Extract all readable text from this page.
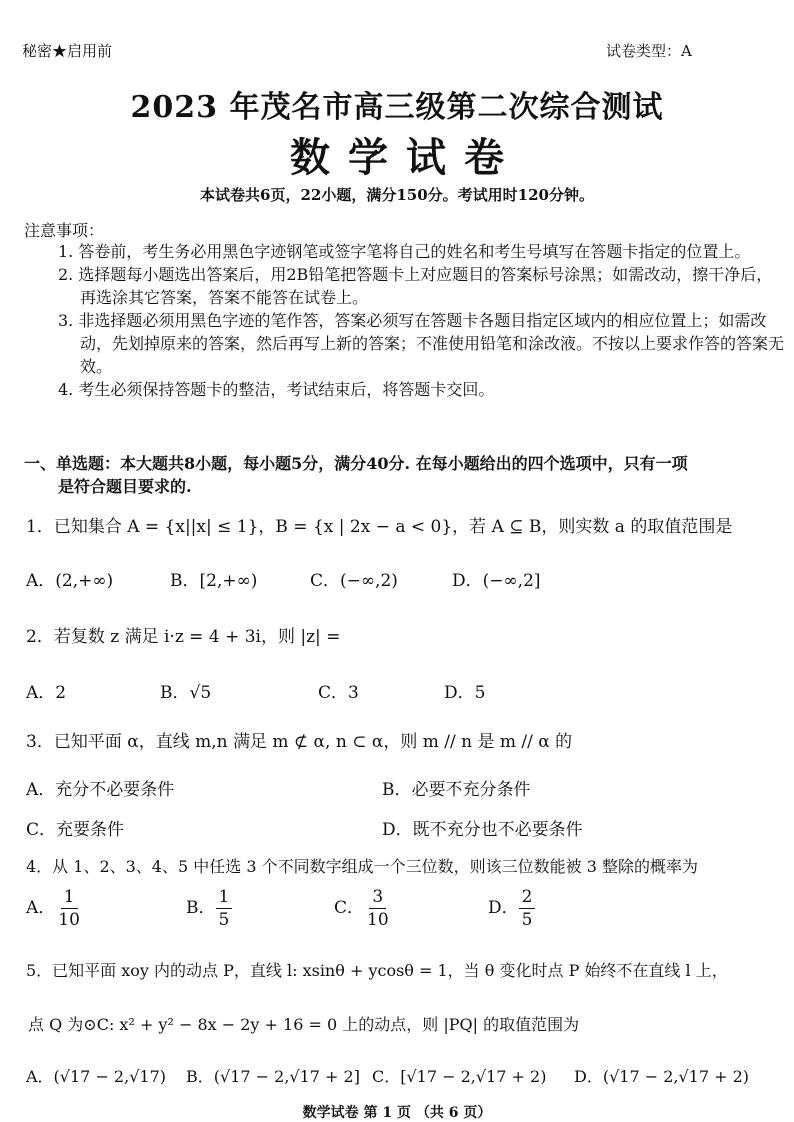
秘密★启用前	试卷类型：A
2023 年茂名市高三级第二次综合测试
数学试卷
本试卷共6页，22小题，满分150分。考试用时120分钟。
注意事项：

1. 答卷前，考生务必用黑色字迹钢笔或签字笔将自己的姓名和考生号填写在答题卡指定的位置上。

2. 选择题每小题选出答案后，用2B铅笔把答题卡上对应题目的答案标号涂黑；如需改动，擦干净后，再选涂其它答案，答案不能答在试卷上。

3. 非选择题必须用黑色字迹的笔作答，答案必须写在答题卡各题目指定区域内的相应位置上；如需改动，先划掉原来的答案，然后再写上新的答案；不准使用铅笔和涂改液。不按以上要求作答的答案无效。

4. 考生必须保持答题卡的整洁，考试结束后，将答题卡交回。

一、单选题：本大题共8小题，每小题5分，满分40分. 在每小题给出的四个选项中，只有一项
是符合题目要求的.
1．已知集合 A = {x||x| ≤ 1}，B = {x | 2x − a < 0}，若 A ⊆ B，则实数 a 的取值范围是
A．(2,+∞)	B．[2,+∞)	C．(−∞,2)	D．(−∞,2]
2．若复数 z 满足 i·z = 4 + 3i，则 |z| =
A．2	B．√5	C．3	D．5
3．已知平面 α，直线 m,n 满足 m ⊄ α, n ⊂ α，则 m // n 是 m // α 的
A．充分不必要条件	B．必要不充分条件
C．充要条件	D．既不充分也不必要条件
4．从 1、2、3、4、5 中任选 3 个不同数字组成一个三位数，则该三位数能被 3 整除的概率为
A． $\frac{1}{10}$	B． $\frac{1}{5}$	C． $\frac{3}{10}$	D． $\frac{2}{5}$
5．已知平面 xoy 内的动点 P，直线 l: xsinθ + ycosθ = 1，当 θ 变化时点 P 始终不在直线 l 上，
点 Q 为⊙C: x² + y² − 8x − 2y + 16 = 0 上的动点，则 |PQ| 的取值范围为
A．(√17 − 2,√17) B．(√17 − 2,√17 + 2] C．[√17 − 2,√17 + 2) D．(√17 − 2,√17 + 2)
数学试卷 第 1 页 （共 6 页）
